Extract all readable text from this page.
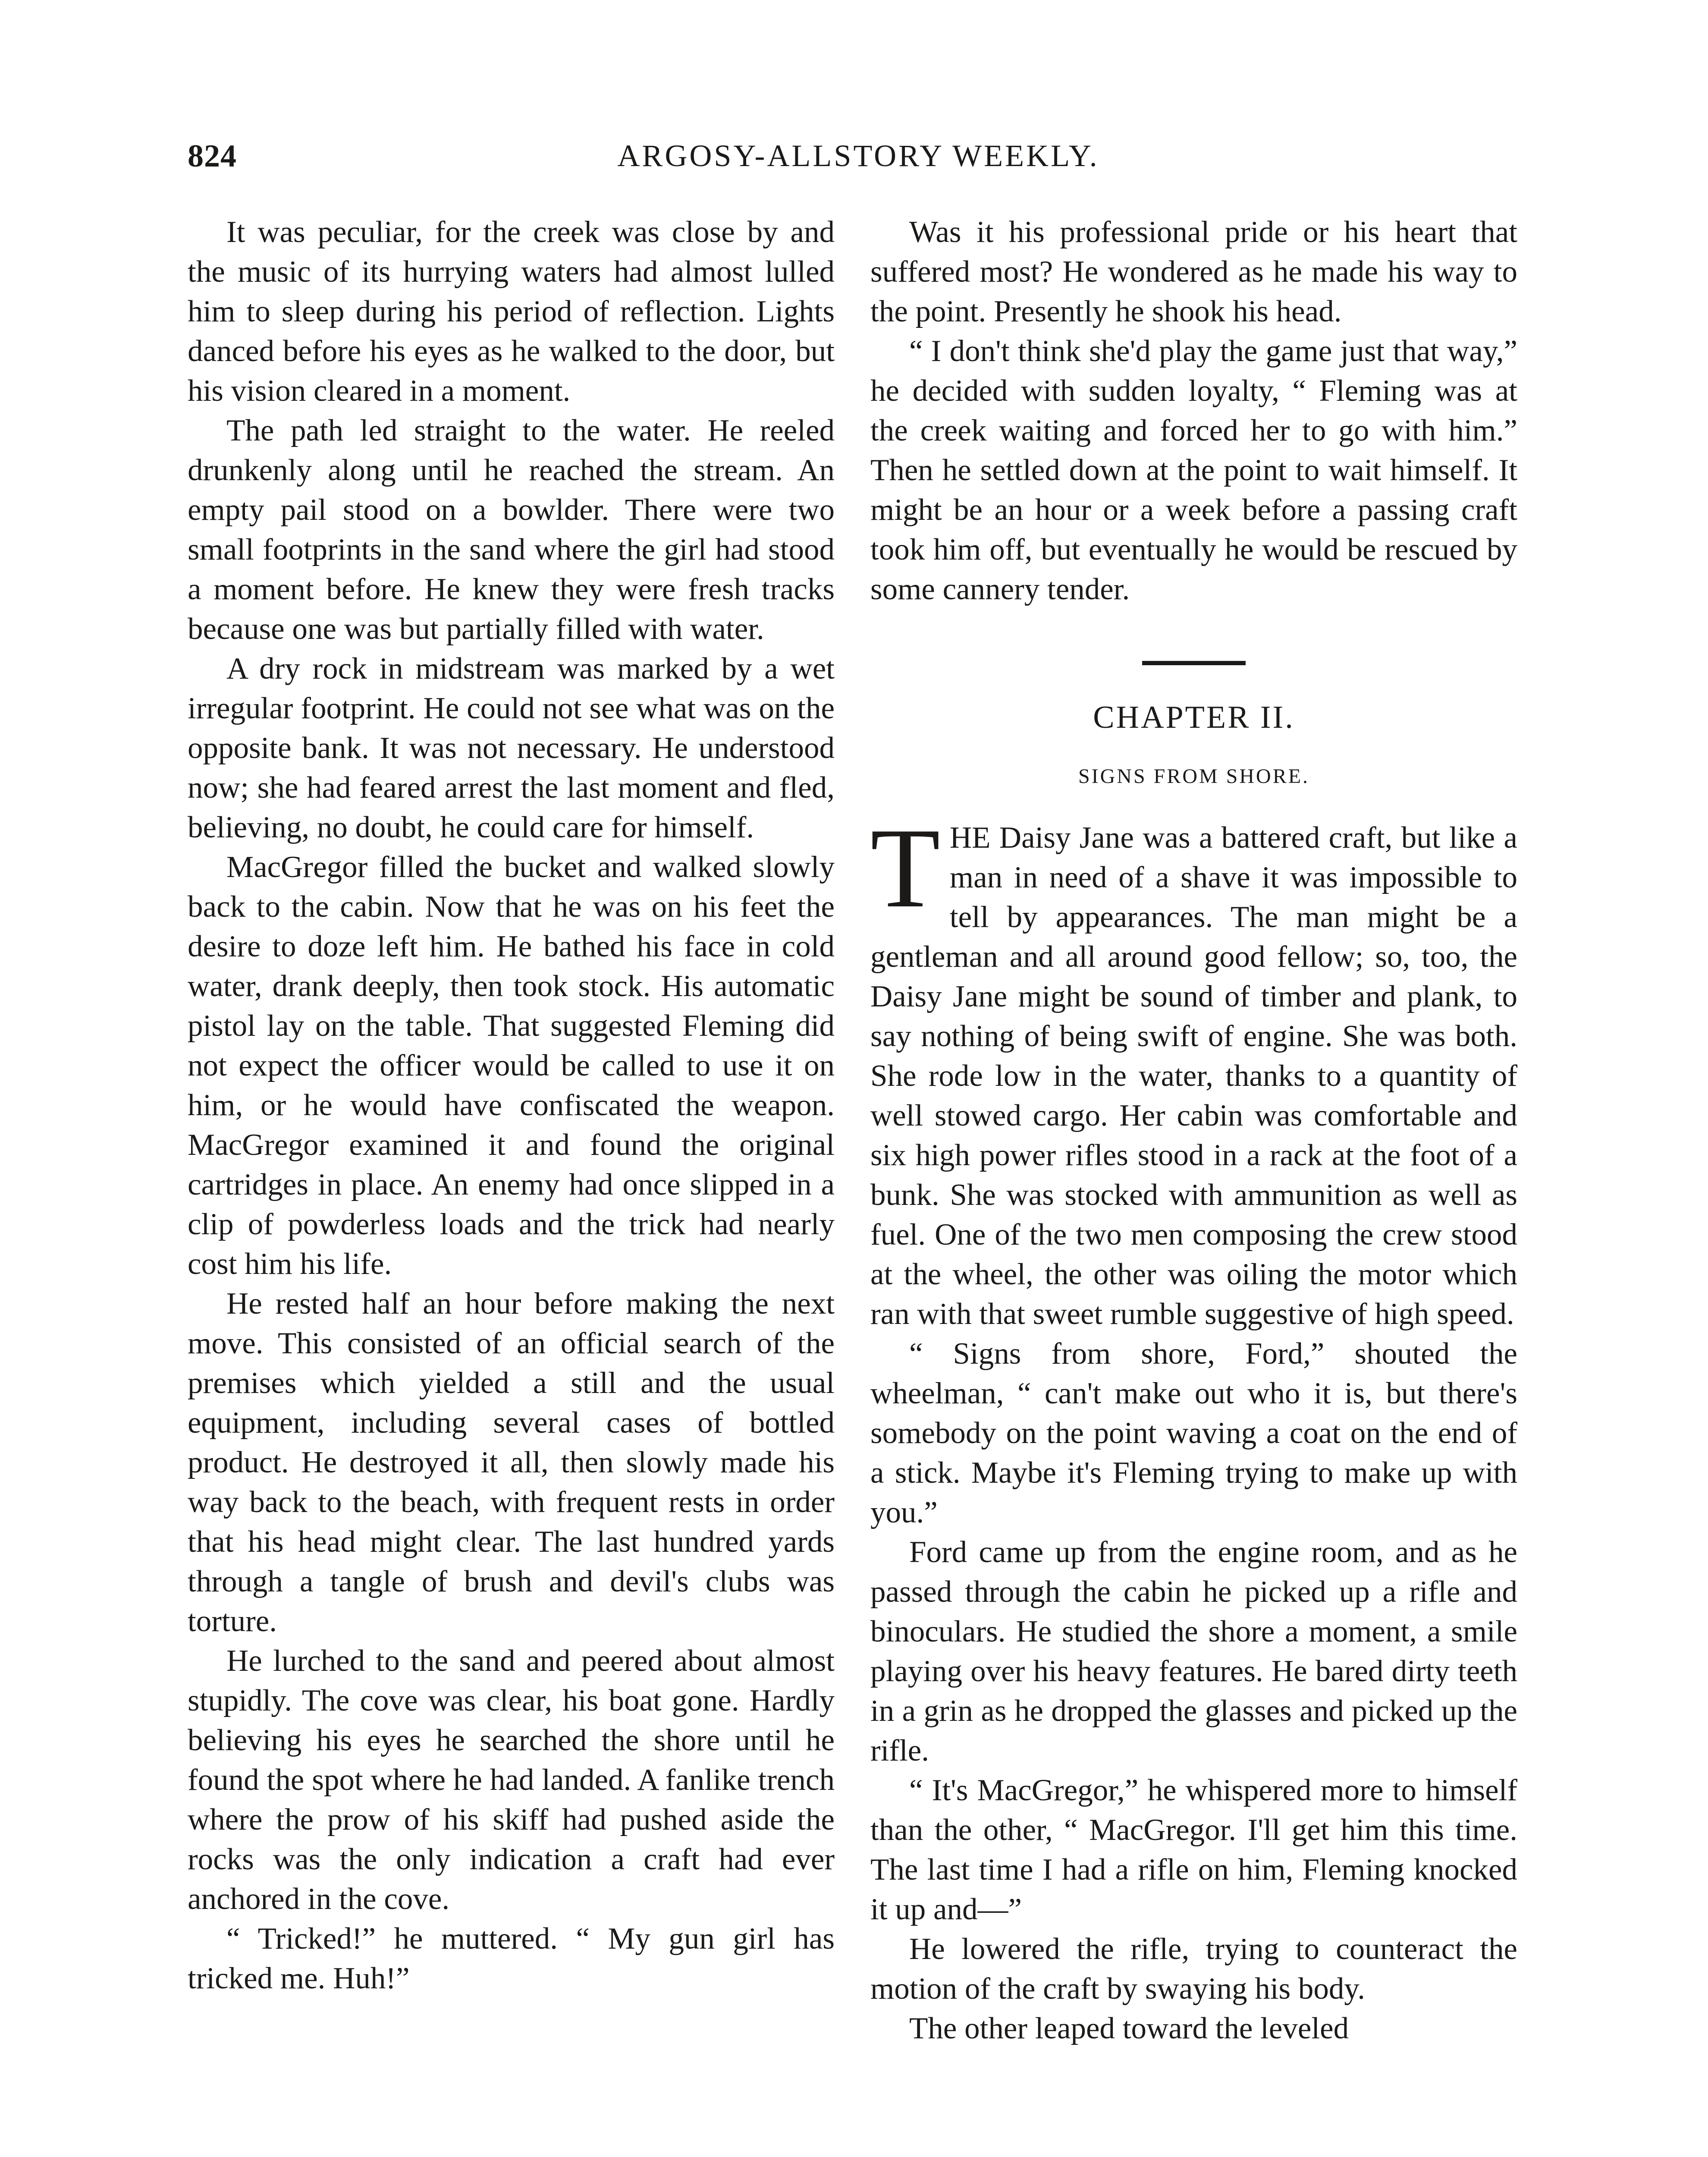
824	ARGOSY-ALLSTORY WEEKLY.

It was peculiar, for the creek was close by and the music of its hurrying waters had almost lulled him to sleep during his period of reflection. Lights danced before his eyes as he walked to the door, but his vision cleared in a moment.

The path led straight to the water. He reeled drunkenly along until he reached the stream. An empty pail stood on a bowlder. There were two small footprints in the sand where the girl had stood a moment before. He knew they were fresh tracks because one was but partially filled with water.

A dry rock in midstream was marked by a wet irregular footprint. He could not see what was on the opposite bank. It was not necessary. He understood now; she had feared arrest the last moment and fled, believing, no doubt, he could care for himself.

MacGregor filled the bucket and walked slowly back to the cabin. Now that he was on his feet the desire to doze left him. He bathed his face in cold water, drank deeply, then took stock. His automatic pistol lay on the table. That suggested Fleming did not expect the officer would be called to use it on him, or he would have confiscated the weapon. MacGregor examined it and found the original cartridges in place. An enemy had once slipped in a clip of powderless loads and the trick had nearly cost him his life.

He rested half an hour before making the next move. This consisted of an official search of the premises which yielded a still and the usual equipment, including several cases of bottled product. He destroyed it all, then slowly made his way back to the beach, with frequent rests in order that his head might clear. The last hundred yards through a tangle of brush and devil's clubs was torture.

He lurched to the sand and peered about almost stupidly. The cove was clear, his boat gone. Hardly believing his eyes he searched the shore until he found the spot where he had landed. A fanlike trench where the prow of his skiff had pushed aside the rocks was the only indication a craft had ever anchored in the cove.

“ Tricked!” he muttered. “ My gun girl has tricked me. Huh!”

Was it his professional pride or his heart that suffered most? He wondered as he made his way to the point. Presently he shook his head.

“ I don't think she'd play the game just that way,” he decided with sudden loyalty, “ Fleming was at the creek waiting and forced her to go with him.” Then he settled down at the point to wait himself. It might be an hour or a week before a passing craft took him off, but eventually he would be rescued by some cannery tender.

CHAPTER II.
SIGNS FROM SHORE.

THE Daisy Jane was a battered craft, but like a man in need of a shave it was impossible to tell by appearances. The man might be a gentleman and all around good fellow; so, too, the Daisy Jane might be sound of timber and plank, to say nothing of being swift of engine. She was both. She rode low in the water, thanks to a quantity of well stowed cargo. Her cabin was comfortable and six high power rifles stood in a rack at the foot of a bunk. She was stocked with ammunition as well as fuel. One of the two men composing the crew stood at the wheel, the other was oiling the motor which ran with that sweet rumble suggestive of high speed.

“ Signs from shore, Ford,” shouted the wheelman, “ can't make out who it is, but there's somebody on the point waving a coat on the end of a stick. Maybe it's Fleming trying to make up with you.”

Ford came up from the engine room, and as he passed through the cabin he picked up a rifle and binoculars. He studied the shore a moment, a smile playing over his heavy features. He bared dirty teeth in a grin as he dropped the glasses and picked up the rifle.

“ It's MacGregor,” he whispered more to himself than the other, “ MacGregor. I'll get him this time. The last time I had a rifle on him, Fleming knocked it up and—”

He lowered the rifle, trying to counteract the motion of the craft by swaying his body.

The other leaped toward the leveled
